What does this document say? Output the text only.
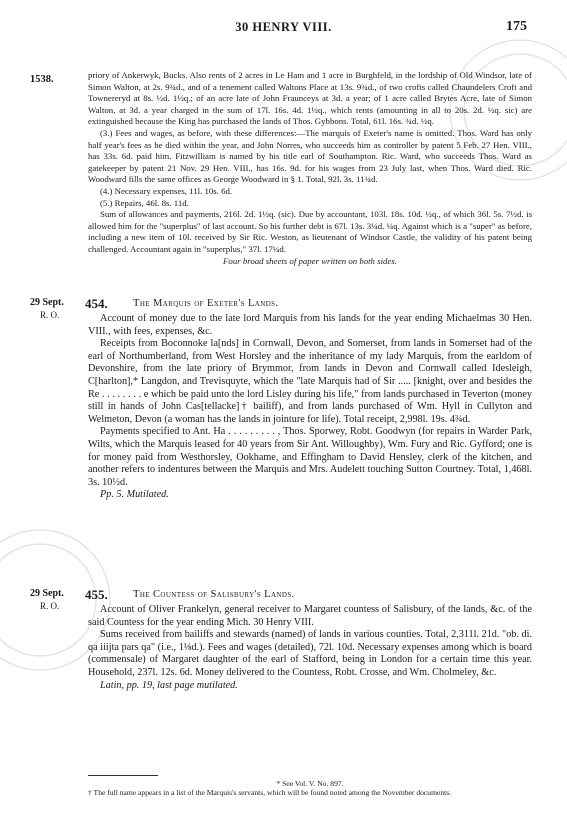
30 HENRY VIII.	175
1538.	priory of Ankerwyk, Bucks. Also rents of 2 acres in Le Ham and 1 acre in Burghfeld, in the lordship of Old Windsor, late of Simon Walton, at 2s. 9¾d., and of a tenement called Waltons Place at 13s. 9¾d., of two crofts called Chaundelers Croft and Townereryd at 8s. ½d. 1½q.; of an acre late of John Fraunceys at 3d. a year; of 1 acre called Brytes Acre, late of Simon Walton, at 3d. a year charged in the sum of 17l. 16s. 4d. 1½q., which rents (amounting in all to 20s. 2d. ½q. sic) are extinguished because the King has purchased the lands of Thos. Gybbons. Total, 61l. 16s. ¾d. ½q.

(3.) Fees and wages, as before, with these differences:—The marquis of Exeter's name is omitted. Thos. Ward has only half year's fees as he died within the year, and John Norres, who succeeds him as controller by patent 5 Feb. 27 Hen. VIII., has 33s. 6d. paid him. Fitzwilliam is named by his title earl of Southampton. Ric. Ward, who succeeds Thos. Ward as gatekeeper by patent 21 Nov. 29 Hen. VIII., has 16s. 9d. for his wages from 23 July last, when Thos. Ward died. Ric. Woodward fills the same offices as George Woodward in § 1. Total, 92l. 3s. 11¾d.

(4.) Necessary expenses, 11l. 10s. 6d.

(5.) Repairs, 46l. 8s. 11d.

Sum of allowances and payments, 216l. 2d. 1½q. (sic). Due by accountant, 103l. 18s. 10d. ½q., of which 36l. 5s. 7½d. is allowed him for the "superplus" of last account. So his further debt is 67l. 13s. 3¼d. ¼q. Against which is a "super" as before, including a new item of 10l. received by Sir Ric. Weston, as lieutenant of Windsor Castle, the validity of his patent being challenged. Accountant again in "superplus," 37l. 17¼d.

Four broad sheets of paper written on both sides.

29 Sept.
R. O.
454. The Marquis of Exeter's Lands.

Account of money due to the late lord Marquis from his lands for the year ending Michaelmas 30 Hen. VIII., with fees, expenses, &c.

Receipts from Boconnoke la[nds] in Cornwall, Devon, and Somerset, from lands in Somerset had of the earl of Northumberland, from West Horsley and the inheritance of my lady Marquis, from the earldom of Devonshire, from the late priory of Brymmor, from lands in Devon and Cornwall called Idesleigh, C[harlton],* Langdon, and Trevisquyte, which the "late Marquis had of Sir ..... [knight, over and besides the Re . . . . . . . . e which be paid unto the lord Lisley during his life," from lands purchased in Teverton (money still in hands of John Cas[tellacke]† bailiff), and from lands purchased of Wm. Hyll in Cullyton and Welmeton, Devon (a woman has the lands in jointure for life). Total receipt, 2,998l. 19s. 4¾d.

Payments specified to Ant. Ha . . . . . . . . . , Thos. Sporwey, Robt. Goodwyn (for repairs in Warder Park, Wilts, which the Marquis leased for 40 years from Sir Ant. Willoughby), Wm. Fury and Ric. Gyfford; one is for money paid from Westhorsley, Ookhame, and Effingham to David Hensley, clerk of the kitchen, and another refers to indentures between the Marquis and Mrs. Audelett touching Sutton Courtney. Total, 1,468l. 3s. 10½d.

Pp. 5. Mutilated.

29 Sept.
R. O.
455. The Countess of Salisbury's Lands.

Account of Oliver Frankelyn, general receiver to Margaret countess of Salisbury, of the lands, &c. of the said Countess for the year ending Mich. 30 Henry VIII.

Sums received from bailiffs and stewards (named) of lands in various counties. Total, 2,311l. 21d. "ob. di. qa iiijta pars qa" (i.e., 1⅛d.). Fees and wages (detailed), 72l. 10d. Necessary expenses among which is board (commensale) of Margaret daughter of the earl of Stafford, being in London for a certain time this year. Household, 237l. 12s. 6d. Money delivered to the Countess, Robt. Crosse, and Wm. Cholmeley, &c.

Latin, pp. 19, last page mutilated.

* See Vol. V. No. 897.

† The full name appears in a list of the Marquis's servants, which will be found noted among the November documents.
